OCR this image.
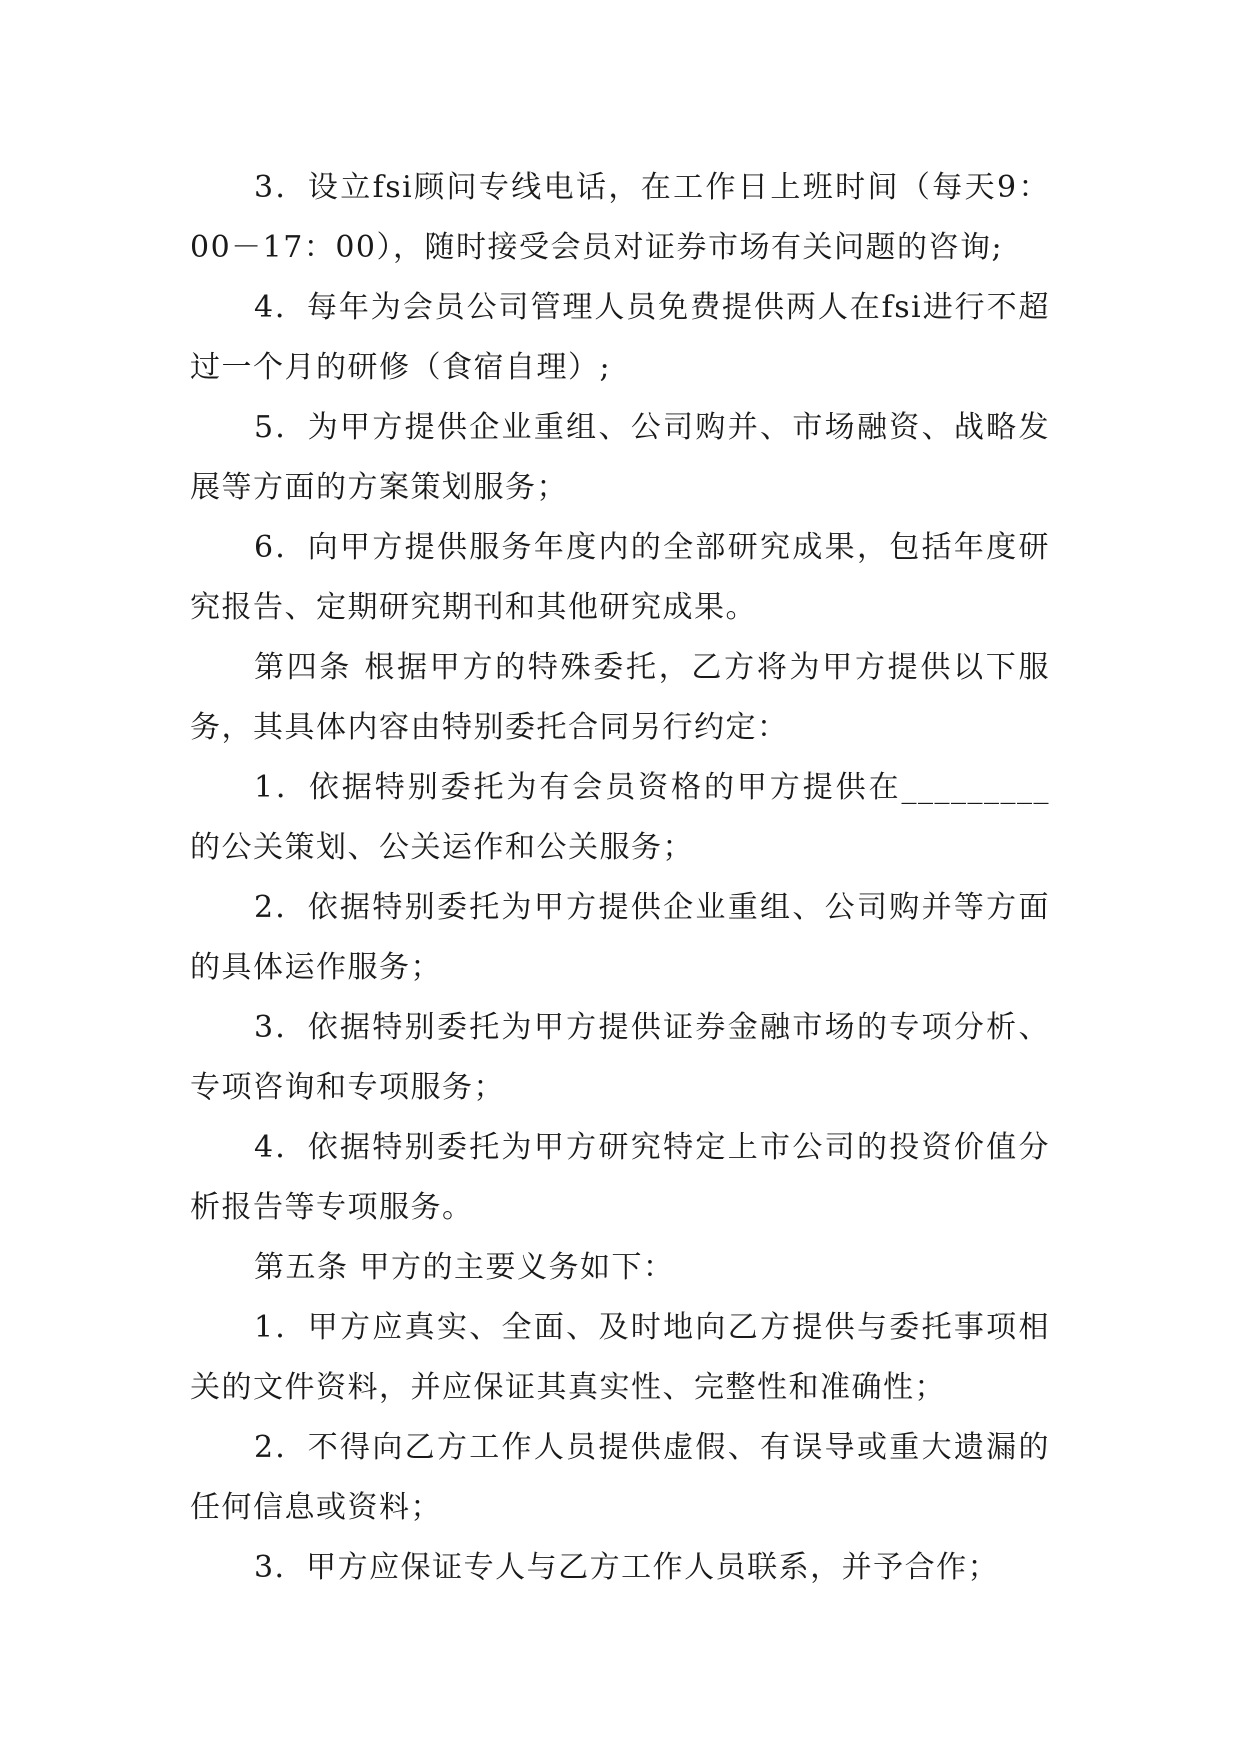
3．设立fsi顾问专线电话，在工作日上班时间（每天9：00－17：00），随时接受会员对证券市场有关问题的咨询;

4．每年为会员公司管理人员免费提供两人在fsi进行不超过一个月的研修（食宿自理）;

5．为甲方提供企业重组、公司购并、市场融资、战略发展等方面的方案策划服务；

6．向甲方提供服务年度内的全部研究成果，包括年度研究报告、定期研究期刊和其他研究成果。

第四条 根据甲方的特殊委托，乙方将为甲方提供以下服务，其具体内容由特别委托合同另行约定：

1．依据特别委托为有会员资格的甲方提供在_________的公关策划、公关运作和公关服务；

2．依据特别委托为甲方提供企业重组、公司购并等方面的具体运作服务；

3．依据特别委托为甲方提供证券金融市场的专项分析、专项咨询和专项服务；

4．依据特别委托为甲方研究特定上市公司的投资价值分析报告等专项服务。

第五条 甲方的主要义务如下：

1．甲方应真实、全面、及时地向乙方提供与委托事项相关的文件资料，并应保证其真实性、完整性和准确性；

2．不得向乙方工作人员提供虚假、有误导或重大遗漏的任何信息或资料；

3．甲方应保证专人与乙方工作人员联系，并予合作；
